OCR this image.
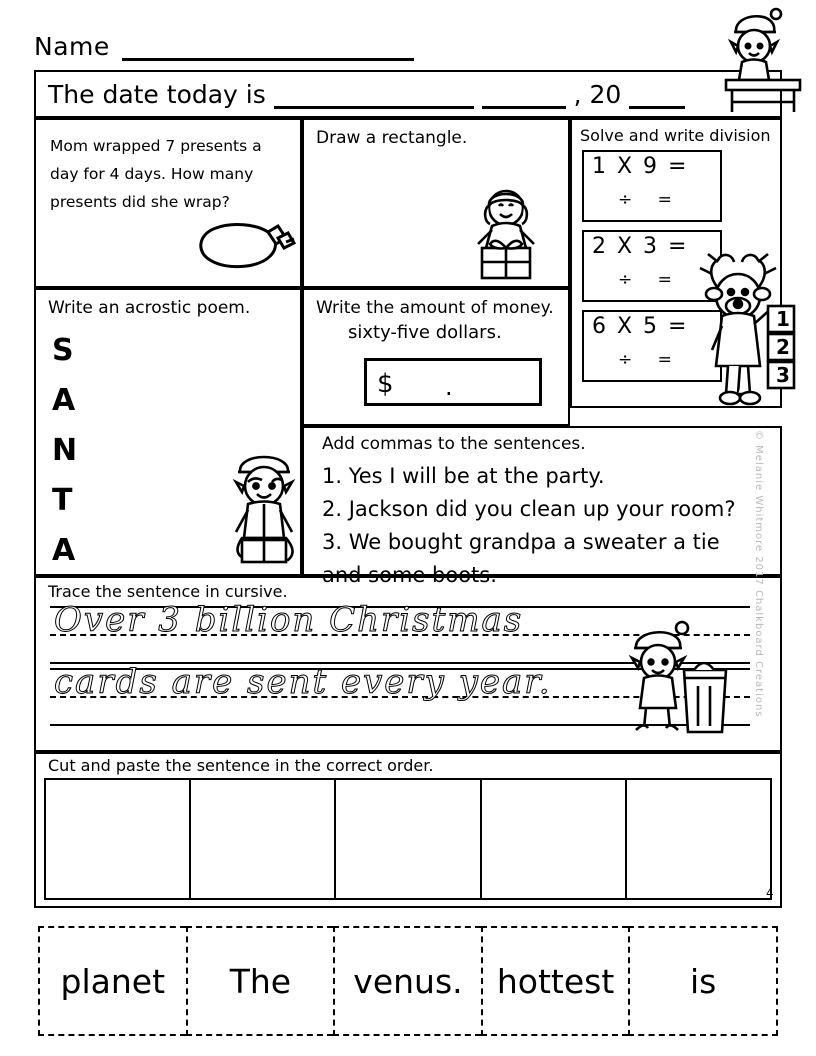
Name
The date today is	, 20
Mom wrapped 7 presents a day for 4 days. How many presents did she wrap?
Draw a rectangle.	Solve and write division
1 X 9 =
÷ =
2 X 3 =
÷ =
6 X 5 =
÷ =
1
2
3
Write an acrostic poem.
S
A
N
T
A
Write the amount of money.
sixty-five dollars.
$ .
Add commas to the sentences.
1. Yes I will be at the party.
2. Jackson did you clean up your room?
3. We bought grandpa a sweater a tie and some boots.
Trace the sentence in cursive.
Over 3 billion Christmas
cards are sent every year.
Cut and paste the sentence in the correct order.
4
planet	The	venus.	hottest	is
© Melanie Whitmore 2017 Chalkboard Creations
